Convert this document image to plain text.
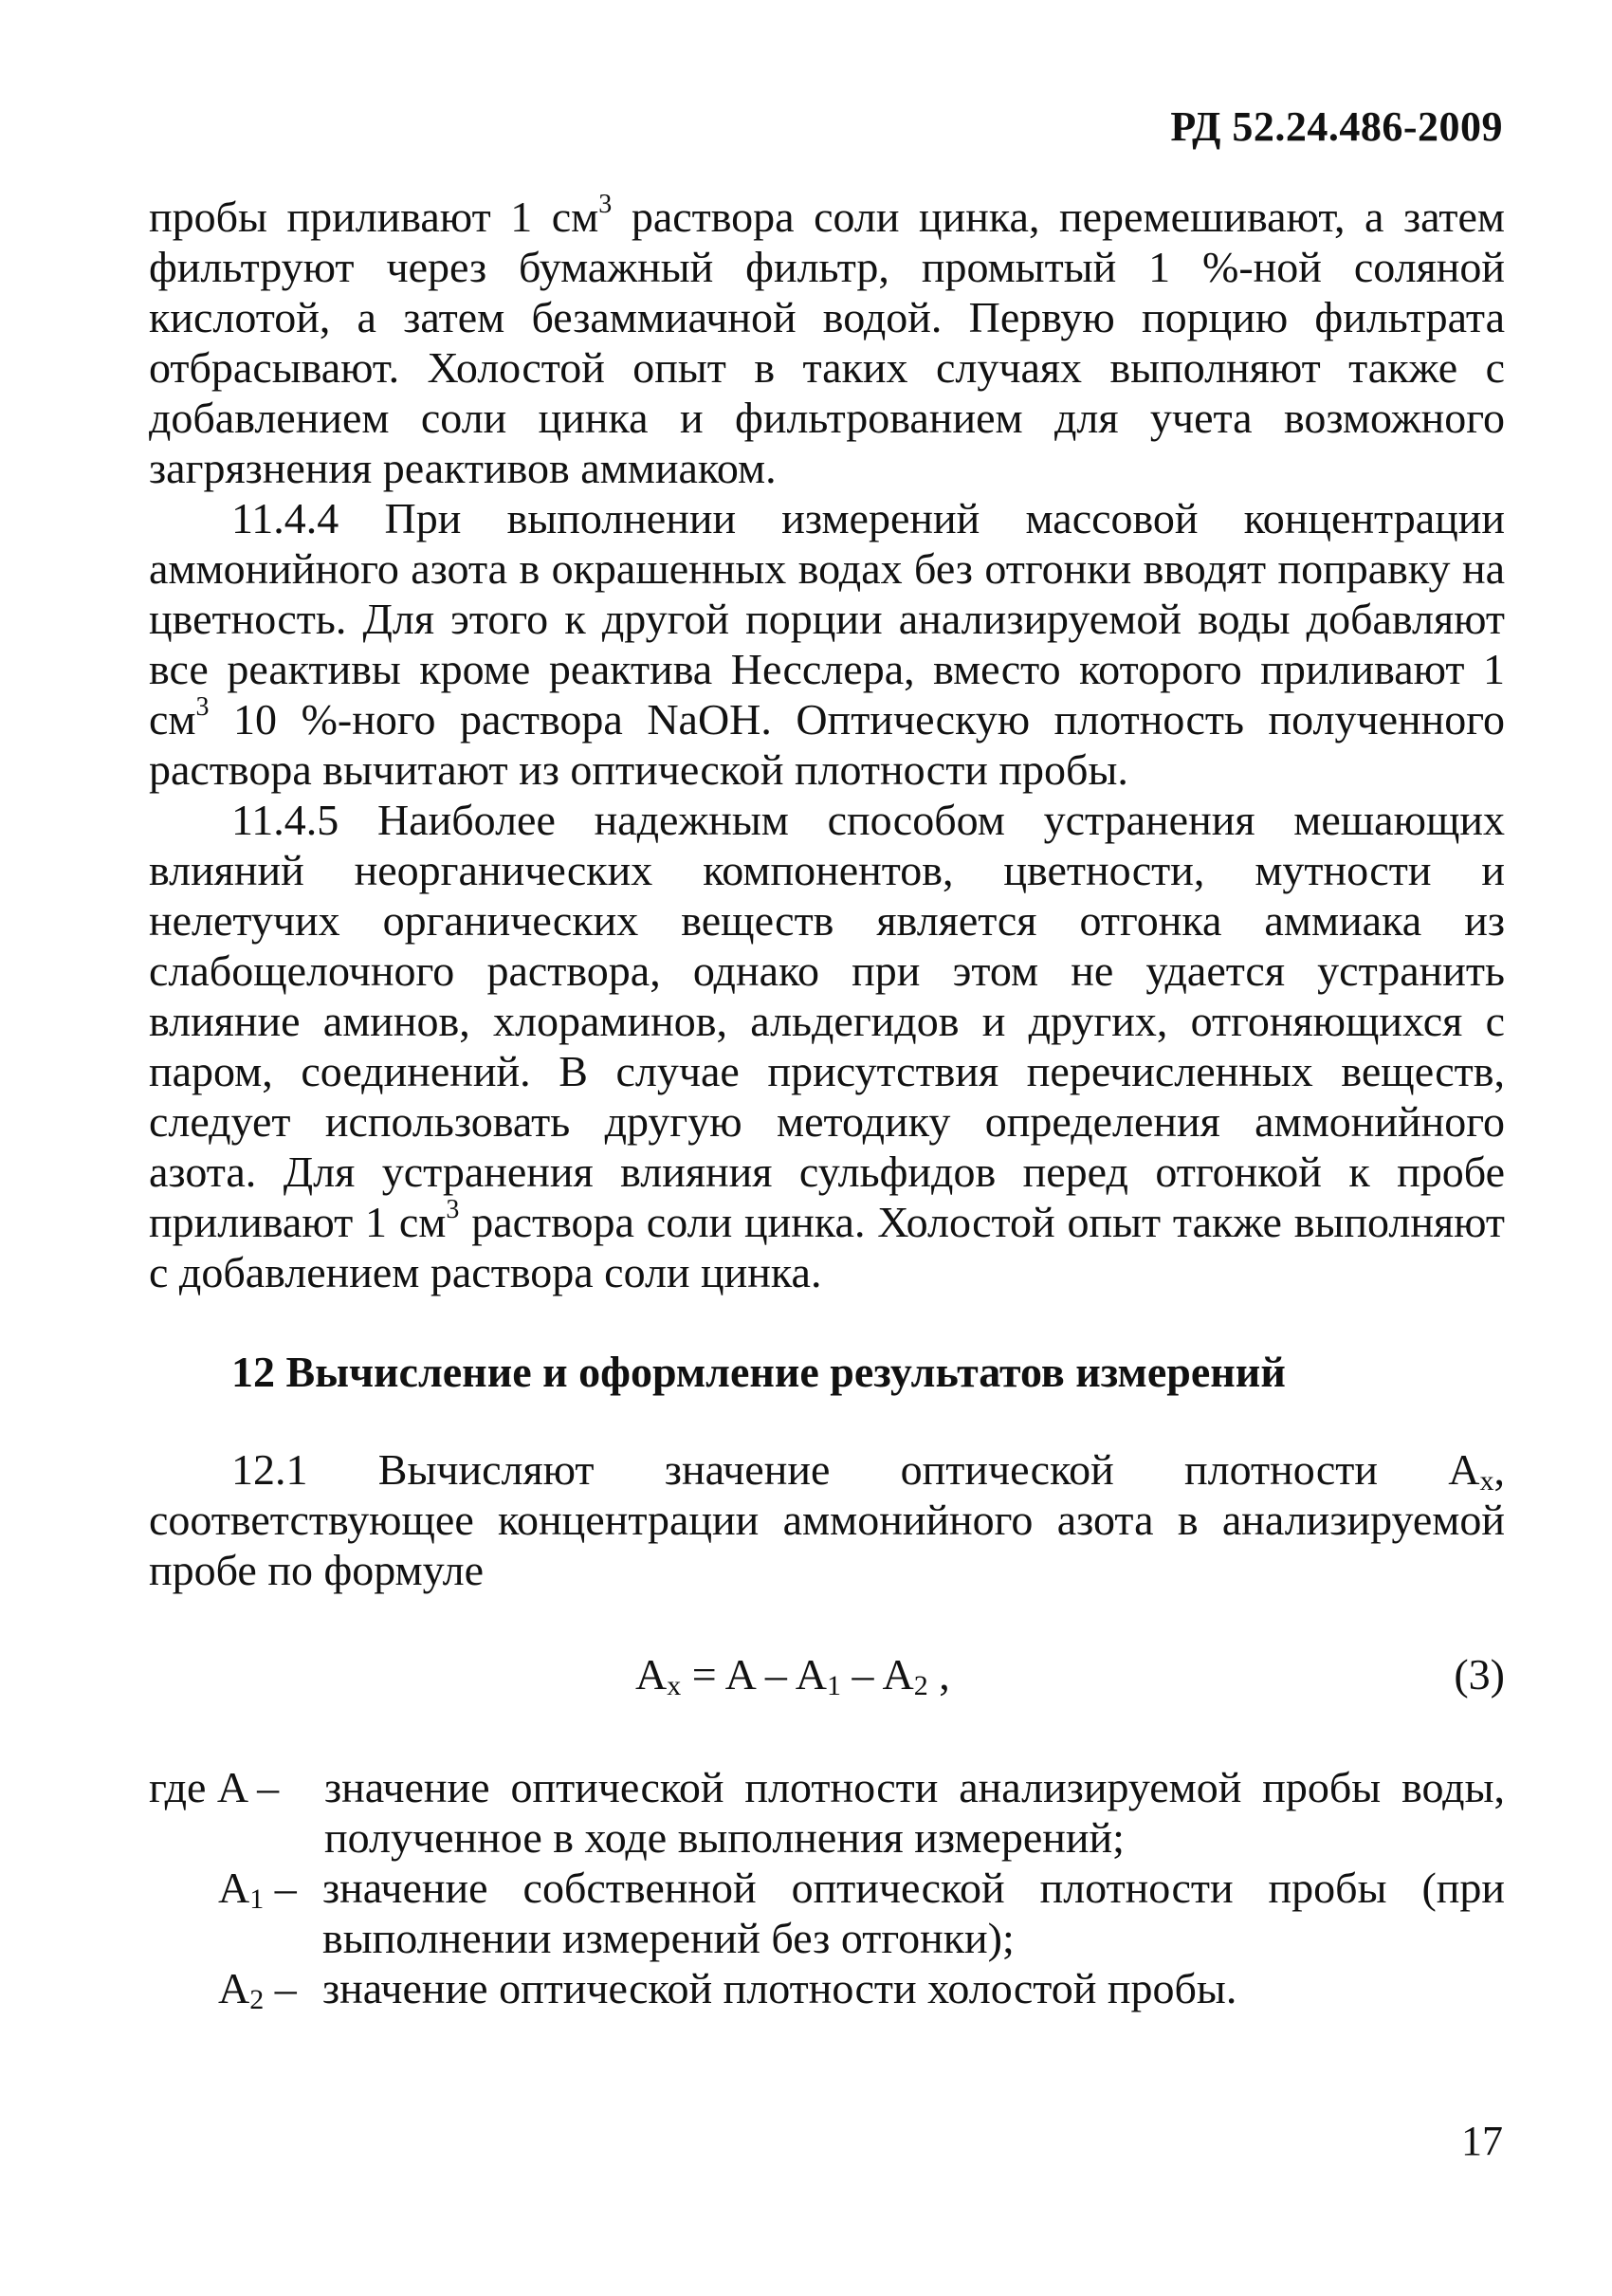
РД 52.24.486-2009

пробы приливают 1 $см^3$ раствора соли цинка, перемешивают, а затем фильтруют через бумажный фильтр, промытый 1 %-ной соляной кислотой, а затем безаммиачной водой. Первую порцию фильтрата отбрасывают. Холостой опыт в таких случаях выполняют также с добавлением соли цинка и фильтрованием для учета возможного загрязнения реактивов аммиаком.

11.4.4 При выполнении измерений массовой концентрации аммонийного азота в окрашенных водах без отгонки вводят поправку на цветность. Для этого к другой порции анализируемой воды добавляют все реактивы кроме реактива Несслера, вместо которого приливают 1 $см^3$ 10 %-ного раствора NaOH. Оптическую плотность полученного раствора вычитают из оптической плотности пробы.

11.4.5 Наиболее надежным способом устранения мешающих влияний неорганических компонентов, цветности, мутности и нелетучих органических веществ является отгонка аммиака из слабощелочного раствора, однако при этом не удается устранить влияние аминов, хлораминов, альдегидов и других, отгоняющихся с паром, соединений. В случае присутствия перечисленных веществ, следует использовать другую методику определения аммонийного азота. Для устранения влияния сульфидов перед отгонкой к пробе приливают 1 $см^3$ раствора соли цинка. Холостой опыт также выполняют с добавлением раствора соли цинка.

12 Вычисление и оформление результатов измерений

12.1 Вычисляют значение оптической плотности $A_x$, соответствующее концентрации аммонийного азота в анализируемой пробе по формуле

$A_x = A - A_1 - A_2$ ,	(3)
где A –	значение оптической плотности анализируемой пробы воды, полученное в ходе выполнения измерений;
$A_1$ – значение собственной оптической плотности пробы (при выполнении измерений без отгонки);
$A_2$ – значение оптической плотности холостой пробы.
17
